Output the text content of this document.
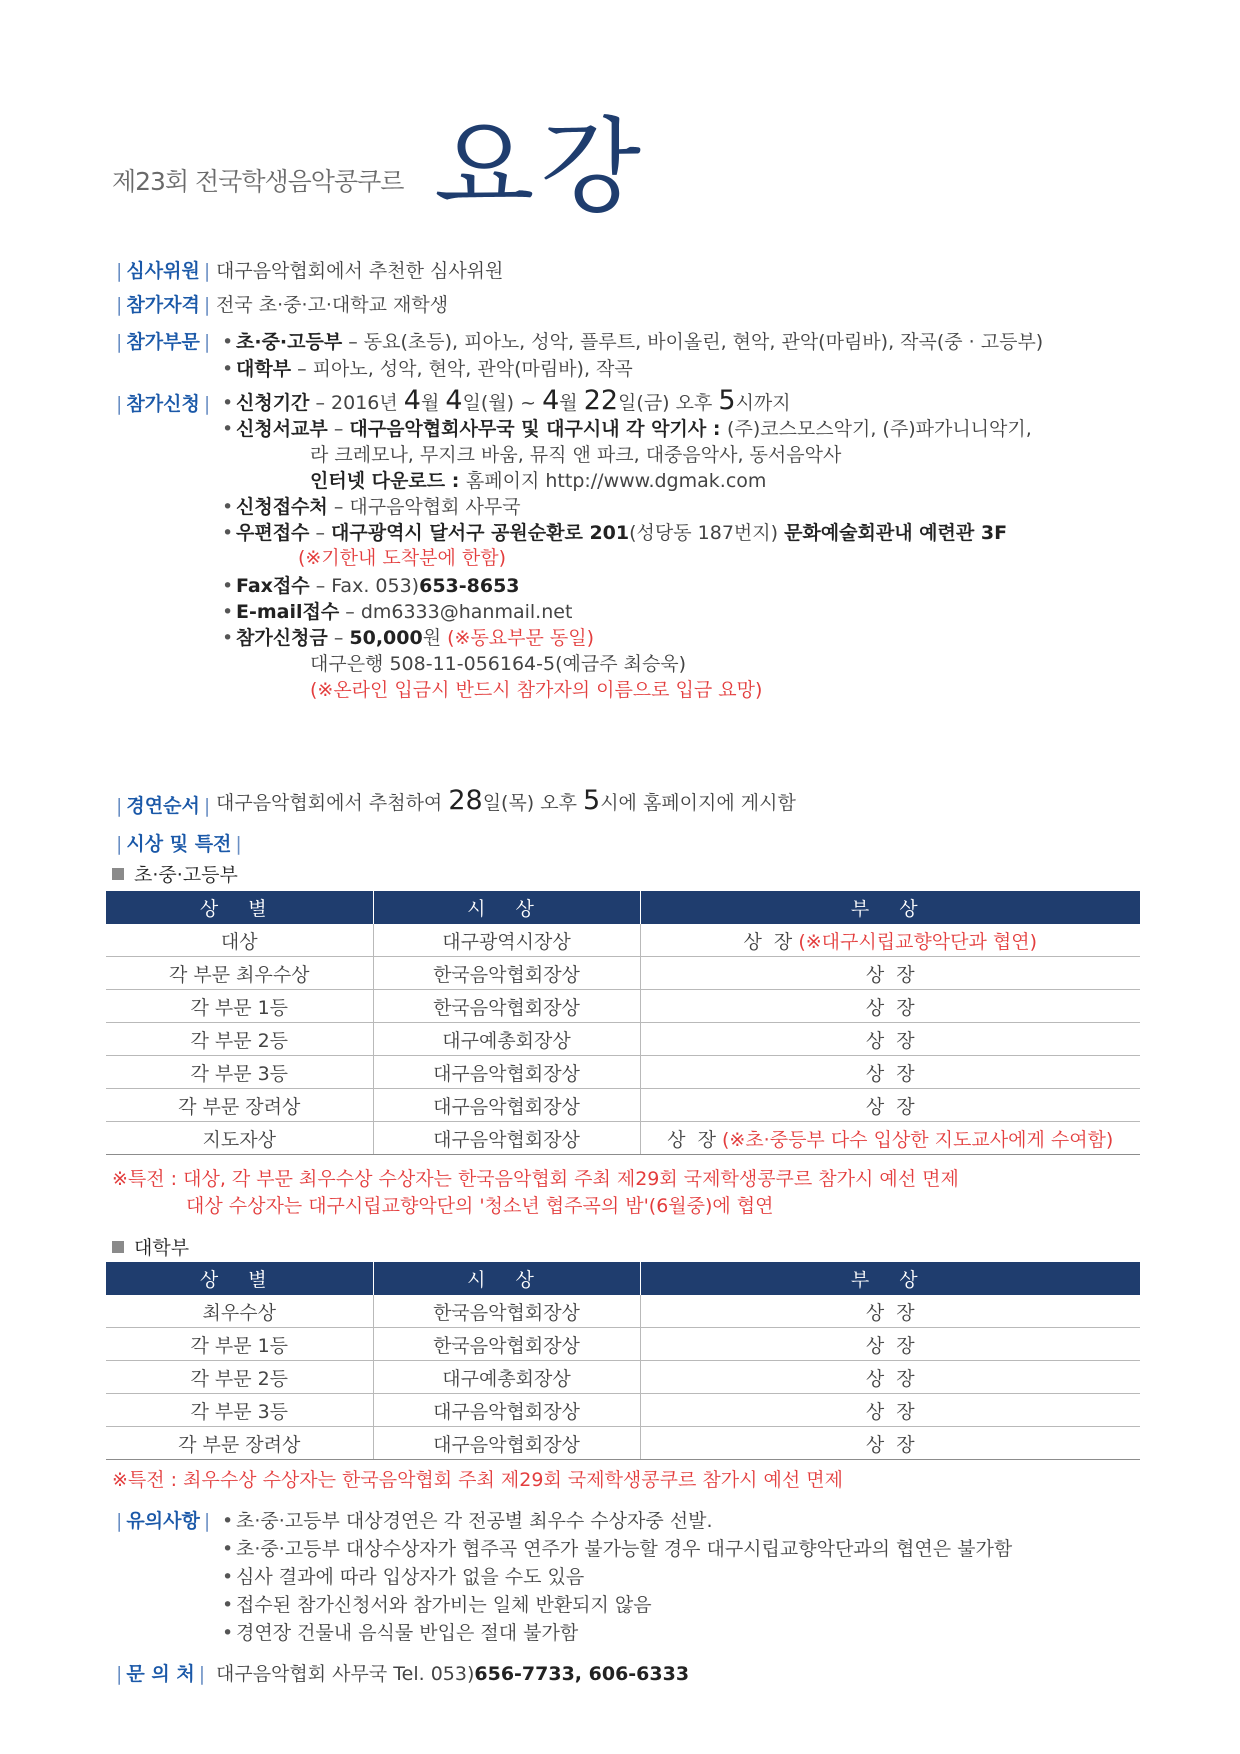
제23회 전국학생음악콩쿠르 요강
| 심사위원 | 대구음악협회에서 추천한 심사위원
| 참가자격 | 전국 초·중·고·대학교 재학생
| 참가부문 | • 초·중·고등부 – 동요(초등), 피아노, 성악, 플루트, 바이올린, 현악, 관악(마림바), 작곡(중 · 고등부)
• 대학부 – 피아노, 성악, 현악, 관악(마림바), 작곡
| 참가신청 | • 신청기간 – 2016년 4월 4일(월) ~ 4월 22일(금) 오후 5시까지
• 신청서교부 – 대구음악협회사무국 및 대구시내 각 악기사 : (주)코스모스악기, (주)파가니니악기,
라 크레모나, 무지크 바움, 뮤직 앤 파크, 대중음악사, 동서음악사
인터넷 다운로드 : 홈페이지 http://www.dgmak.com
• 신청접수처 – 대구음악협회 사무국
• 우편접수 – 대구광역시 달서구 공원순환로 201(성당동 187번지) 문화예술회관내 예련관 3F
(※기한내 도착분에 한함)
• Fax접수 – Fax. 053)653-8653
• E-mail접수 – dm6333@hanmail.net
• 참가신청금 – 50,000원 (※동요부문 동일)
대구은행 508-11-056164-5(예금주 최승욱)
(※온라인 입금시 반드시 참가자의 이름으로 입금 요망)
| 경연순서 | 대구음악협회에서 추첨하여 28일(목) 오후 5시에 홈페이지에 게시함
| 시상 및 특전 |
초·중·고등부
상 별	시 상	부 상
대상	대구광역시장상	상  장 (※대구시립교향악단과 협연)
각 부문 최우수상	한국음악협회장상	상  장
각 부문 1등	한국음악협회장상	상  장
각 부문 2등	대구예총회장상	상  장
각 부문 3등	대구음악협회장상	상  장
각 부문 장려상	대구음악협회장상	상  장
지도자상	대구음악협회장상	상  장 (※초·중등부 다수 입상한 지도교사에게 수여함)
※특전 : 대상, 각 부문 최우수상 수상자는 한국음악협회 주최 제29회 국제학생콩쿠르 참가시 예선 면제
대상 수상자는 대구시립교향악단의 '청소년 협주곡의 밤'(6월중)에 협연
대학부
상 별	시 상	부 상
최우수상	한국음악협회장상	상  장
각 부문 1등	한국음악협회장상	상  장
각 부문 2등	대구예총회장상	상  장
각 부문 3등	대구음악협회장상	상  장
각 부문 장려상	대구음악협회장상	상  장
※특전 : 최우수상 수상자는 한국음악협회 주최 제29회 국제학생콩쿠르 참가시 예선 면제
| 유의사항 | • 초·중·고등부 대상경연은 각 전공별 최우수 수상자중 선발.
• 초·중·고등부 대상수상자가 협주곡 연주가 불가능할 경우 대구시립교향악단과의 협연은 불가함
• 심사 결과에 따라 입상자가 없을 수도 있음
• 접수된 참가신청서와 참가비는 일체 반환되지 않음
• 경연장 건물내 음식물 반입은 절대 불가함
| 문 의 처 | 대구음악협회 사무국 Tel. 053)656-7733, 606-6333
